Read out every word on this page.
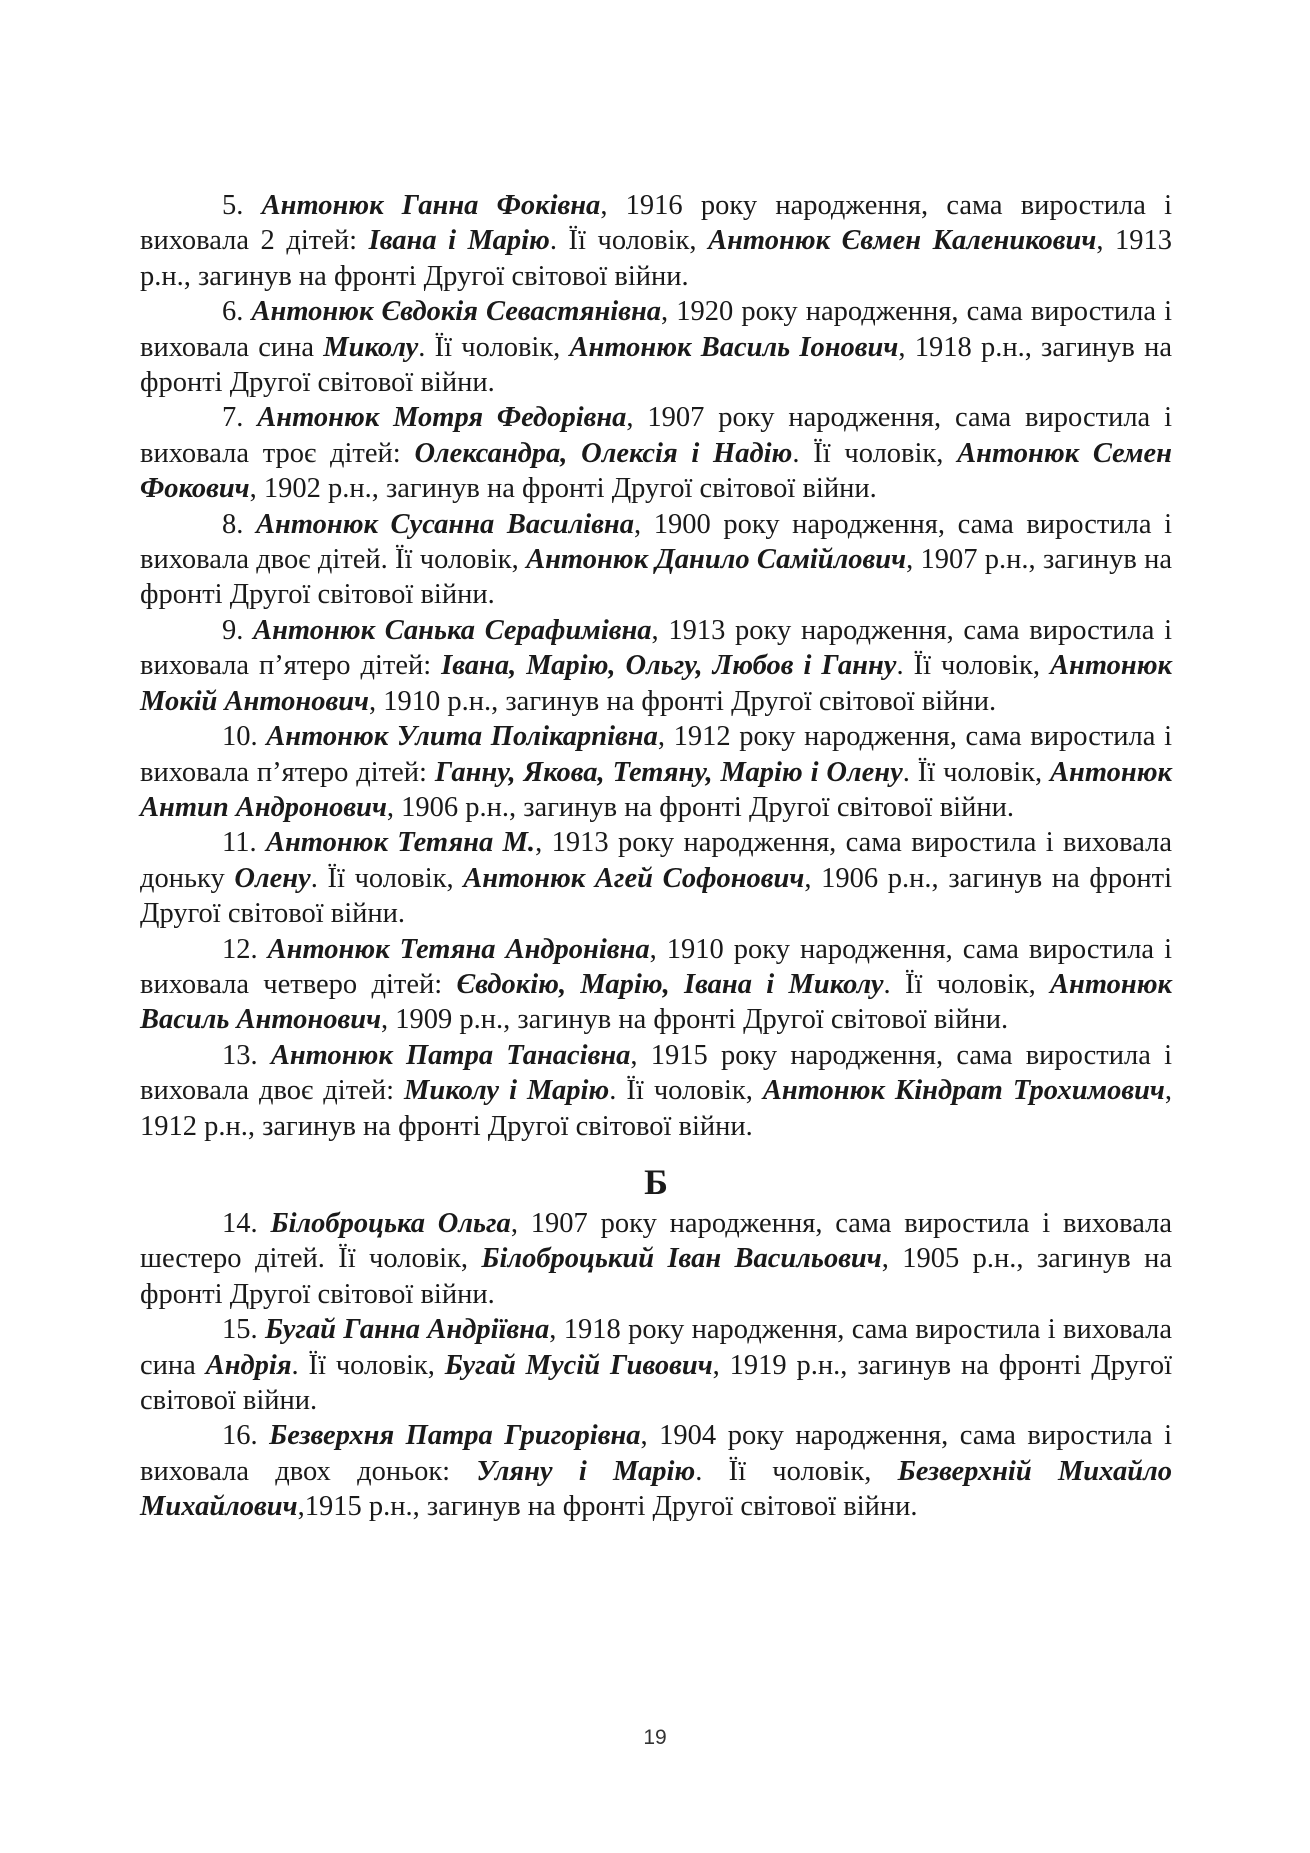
5. Антонюк Ганна Фоківна, 1916 року народження, сама виростила і виховала 2 дітей: Івана і Марію. Її чоловік, Антонюк Євмен Каленикович, 1913 р.н., загинув на фронті Другої світової війни.

6. Антонюк Євдокія Севастянівна, 1920 року народження, сама виростила і виховала сина Миколу. Її чоловік, Антонюк Василь Іонович, 1918 р.н., загинув на фронті Другої світової війни.

7. Антонюк Мотря Федорівна, 1907 року народження, сама виростила і виховала троє дітей: Олександра, Олексія і Надію. Її чоловік, Антонюк Семен Фокович, 1902 р.н., загинув на фронті Другої світової війни.

8. Антонюк Сусанна Василівна, 1900 року народження, сама виростила і виховала двоє дітей. Її чоловік, Антонюк Данило Самійлович, 1907 р.н., загинув на фронті Другої світової війни.

9. Антонюк Санька Серафимівна, 1913 року народження, сама виростила і виховала п’ятеро дітей: Івана, Марію, Ольгу, Любов і Ганну. Її чоловік, Антонюк Мокій Антонович, 1910 р.н., загинув на фронті Другої світової війни.

10. Антонюк Улита Полікарпівна, 1912 року народження, сама виростила і виховала п’ятеро дітей: Ганну, Якова, Тетяну, Марію і Олену. Її чоловік, Антонюк Антип Андронович, 1906 р.н., загинув на фронті Другої світової війни.

11. Антонюк Тетяна М., 1913 року народження, сама виростила і виховала доньку Олену. Її чоловік, Антонюк Агей Софонович, 1906 р.н., загинув на фронті Другої світової війни.

12. Антонюк Тетяна Андронівна, 1910 року народження, сама виростила і виховала четверо дітей: Євдокію, Марію, Івана і Миколу. Її чоловік, Антонюк Василь Антонович, 1909 р.н., загинув на фронті Другої світової війни.

13. Антонюк Патра Танасівна, 1915 року народження, сама виростила і виховала двоє дітей: Миколу і Марію. Її чоловік, Антонюк Кіндрат Трохимович, 1912 р.н., загинув на фронті Другої світової війни.

Б

14. Білоброцька Ольга, 1907 року народження, сама виростила і виховала шестеро дітей. Її чоловік, Білоброцький Іван Васильович, 1905 р.н., загинув на фронті Другої світової війни.

15. Бугай Ганна Андріївна, 1918 року народження, сама виростила і виховала сина Андрія. Її чоловік, Бугай Мусій Гивович, 1919 р.н., загинув на фронті Другої світової війни.

16. Безверхня Патра Григорівна, 1904 року народження, сама виростила і виховала двох доньок: Уляну і Марію. Її чоловік, Безверхній Михайло Михайлович,1915 р.н., загинув на фронті Другої світової війни.

19
